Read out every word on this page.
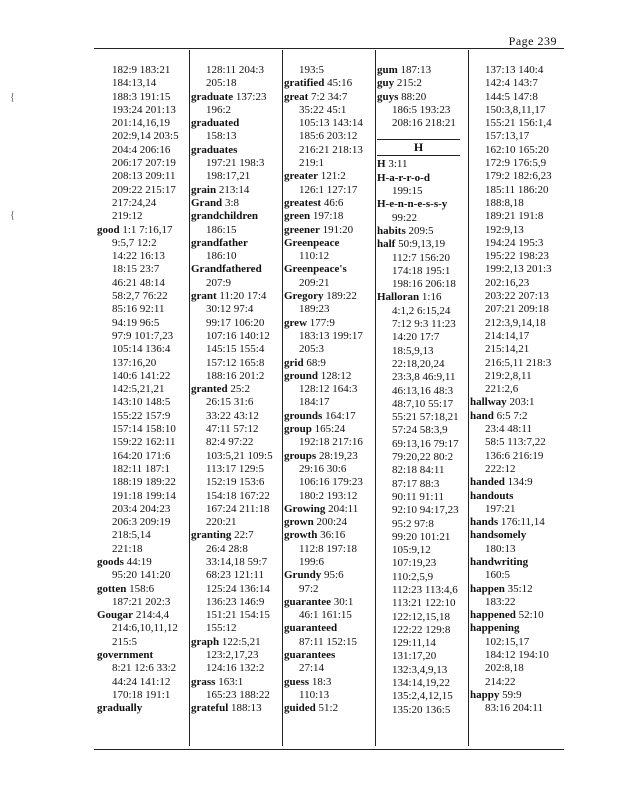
Page 239
{
{
182:9 183:21
184:13,14
188:3 191:15
193:24 201:13
201:14,16,19
202:9,14 203:5
204:4 206:16
206:17 207:19
208:13 209:11
209:22 215:17
217:24,24
219:12
good 1:1 7:16,17
9:5,7 12:2
14:22 16:13
18:15 23:7
46:21 48:14
58:2,7 76:22
85:16 92:11
94:19 96:5
97:9 101:7,23
105:14 136:4
137:16,20
140:6 141:22
142:5,21,21
143:10 148:5
155:22 157:9
157:14 158:10
159:22 162:11
164:20 171:6
182:11 187:1
188:19 189:22
191:18 199:14
203:4 204:23
206:3 209:19
218:5,14
221:18
goods 44:19
95:20 141:20
gotten 158:6
187:21 202:3
Gougar 214:4,4
214:6,10,11,12
215:5
government
8:21 12:6 33:2
44:24 141:12
170:18 191:1
gradually
128:11 204:3
205:18
graduate 137:23
196:2
graduated
158:13
graduates
197:21 198:3
198:17,21
grain 213:14
Grand 3:8
grandchildren
186:15
grandfather
186:10
Grandfathered
207:9
grant 11:20 17:4
30:12 97:4
99:17 106:20
107:16 140:12
145:15 155:4
157:12 165:8
188:16 201:2
granted 25:2
26:15 31:6
33:22 43:12
47:11 57:12
82:4 97:22
103:5,21 109:5
113:17 129:5
152:19 153:6
154:18 167:22
167:24 211:18
220:21
granting 22:7
26:4 28:8
33:14,18 59:7
68:23 121:11
125:24 136:14
136:23 146:9
151:21 154:15
155:12
graph 122:5,21
123:2,17,23
124:16 132:2
grass 163:1
165:23 188:22
grateful 188:13
193:5
gratified 45:16
great 7:2 34:7
35:22 45:1
105:13 143:14
185:6 203:12
216:21 218:13
219:1
greater 121:2
126:1 127:17
greatest 46:6
green 197:18
greener 191:20
Greenpeace
110:12
Greenpeace's
209:21
Gregory 189:22
189:23
grew 177:9
183:13 199:17
205:3
grid 68:9
ground 128:12
128:12 164:3
184:17
grounds 164:17
group 165:24
192:18 217:16
groups 28:19,23
29:16 30:6
106:16 179:23
180:2 193:12
Growing 204:11
grown 200:24
growth 36:16
112:8 197:18
199:6
Grundy 95:6
97:2
guarantee 30:1
46:1 161:15
guaranteed
87:11 152:15
guarantees
27:14
guess 18:3
110:13
guided 51:2
gum 187:13
guy 215:2
guys 88:20
186:5 193:23
208:16 218:21
H
H 3:11
H-a-r-r-o-d
199:15
H-e-n-n-e-s-s-y
99:22
habits 209:5
half 50:9,13,19
112:7 156:20
174:18 195:1
198:16 206:18
Halloran 1:16
4:1,2 6:15,24
7:12 9:3 11:23
14:20 17:7
18:5,9,13
22:18,20,24
23:3,8 46:9,11
46:13,16 48:3
48:7,10 55:17
55:21 57:18,21
57:24 58:3,9
69:13,16 79:17
79:20,22 80:2
82:18 84:11
87:17 88:3
90:11 91:11
92:10 94:17,23
95:2 97:8
99:20 101:21
105:9,12
107:19,23
110:2,5,9
112:23 113:4,6
113:21 122:10
122:12,15,18
122:22 129:8
129:11,14
131:17,20
132:3,4,9,13
134:14,19,22
135:2,4,12,15
135:20 136:5
137:13 140:4
142:4 143:7
144:5 147:8
150:3,8,11,17
155:21 156:1,4
157:13,17
162:10 165:20
172:9 176:5,9
179:2 182:6,23
185:11 186:20
188:8,18
189:21 191:8
192:9,13
194:24 195:3
195:22 198:23
199:2,13 201:3
202:16,23
203:22 207:13
207:21 209:18
212:3,9,14,18
214:14,17
215:14,21
216:5,11 218:3
219:2,8,11
221:2,6
hallway 203:1
hand 6:5 7:2
23:4 48:11
58:5 113:7,22
136:6 216:19
222:12
handed 134:9
handouts
197:21
hands 176:11,14
handsomely
180:13
handwriting
160:5
happen 35:12
183:22
happened 52:10
happening
102:15,17
184:12 194:10
202:8,18
214:22
happy 59:9
83:16 204:11
